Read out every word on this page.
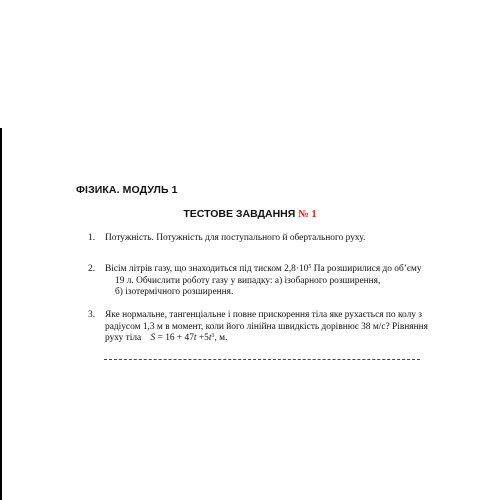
ФІЗИКА. МОДУЛЬ 1
ТЕСТОВЕ ЗАВДАННЯ № 1
1. Потужність. Потужність для поступального й обертального руху.
2. Вісім літрів газу, що знаходиться під тиском $2,8\cdot 10^5$ Па розширилися до об’єму
19 л. Обчислити роботу газу у випадку: а) ізобарного розширення,
б) ізотермічного розширення.
3. Яке нормальне, тангенціальне і повне прискорення тіла яке рухається по колу з
радіусом 1,3 м в момент, коли його лінійна швидкість дорівнює 38 м/с? Рівняння
руху тіла    $S = 16 + 47t +5t^3$, м.
